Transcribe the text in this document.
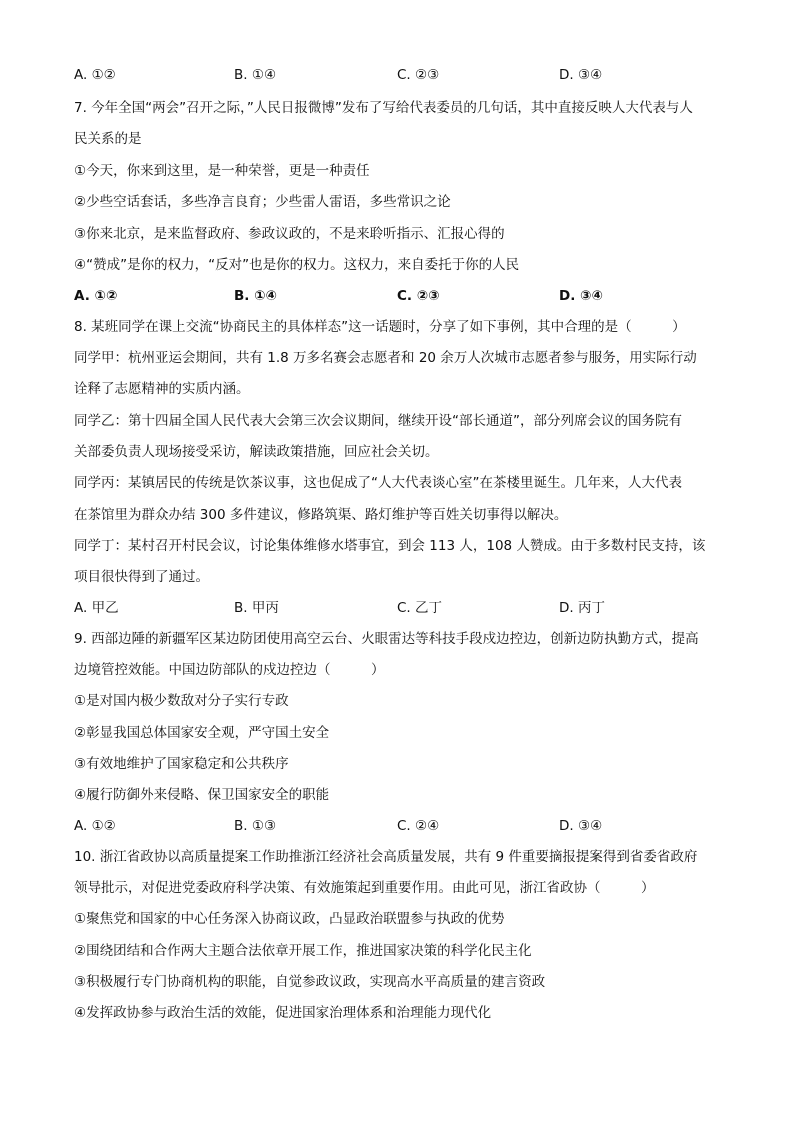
A. ①②	B. ①④	C. ②③	D. ③④
7. 今年全国“两会”召开之际，”人民日报微博”发布了写给代表委员的几句话，其中直接反映人大代表与人
民关系的是
①今天，你来到这里，是一种荣誉，更是一种责任
②少些空话套话，多些净言良育；少些雷人雷语，多些常识之论
③你来北京，是来监督政府、参政议政的，不是来聆听指示、汇报心得的
④“赞成”是你的权力，“反对”也是你的权力。这权力，来自委托于你的人民
A. ①②	B. ①④	C. ②③	D. ③④
8. 某班同学在课上交流“协商民主的具体样态”这一话题时，分享了如下事例，其中合理的是（　　　）
同学甲：杭州亚运会期间，共有 1.8 万多名赛会志愿者和 20 余万人次城市志愿者参与服务，用实际行动
诠释了志愿精神的实质内涵。
同学乙：第十四届全国人民代表大会第三次会议期间，继续开设“部长通道”，部分列席会议的国务院有
关部委负责人现场接受采访，解读政策措施，回应社会关切。
同学丙：某镇居民的传统是饮茶议事，这也促成了“人大代表谈心室”在茶楼里诞生。几年来，人大代表
在茶馆里为群众办结 300 多件建议，修路筑渠、路灯维护等百姓关切事得以解决。
同学丁：某村召开村民会议，讨论集体维修水塔事宜，到会 113 人，108 人赞成。由于多数村民支持，该
项目很快得到了通过。
A. 甲乙	B. 甲丙	C. 乙丁	D. 丙丁
9. 西部边陲的新疆军区某边防团使用高空云台、火眼雷达等科技手段戍边控边，创新边防执勤方式，提高
边境管控效能。中国边防部队的戍边控边（　　　）
①是对国内极少数敌对分子实行专政
②彰显我国总体国家安全观，严守国土安全
③有效地维护了国家稳定和公共秩序
④履行防御外来侵略、保卫国家安全的职能
A. ①②	B. ①③	C. ②④	D. ③④
10. 浙江省政协以高质量提案工作助推浙江经济社会高质量发展，共有 9 件重要摘报提案得到省委省政府
领导批示，对促进党委政府科学决策、有效施策起到重要作用。由此可见，浙江省政协（　　　）
①聚焦党和国家的中心任务深入协商议政，凸显政治联盟参与执政的优势
②围绕团结和合作两大主题合法依章开展工作，推进国家决策的科学化民主化
③积极履行专门协商机构的职能，自觉参政议政，实现高水平高质量的建言资政
④发挥政协参与政治生活的效能，促进国家治理体系和治理能力现代化
